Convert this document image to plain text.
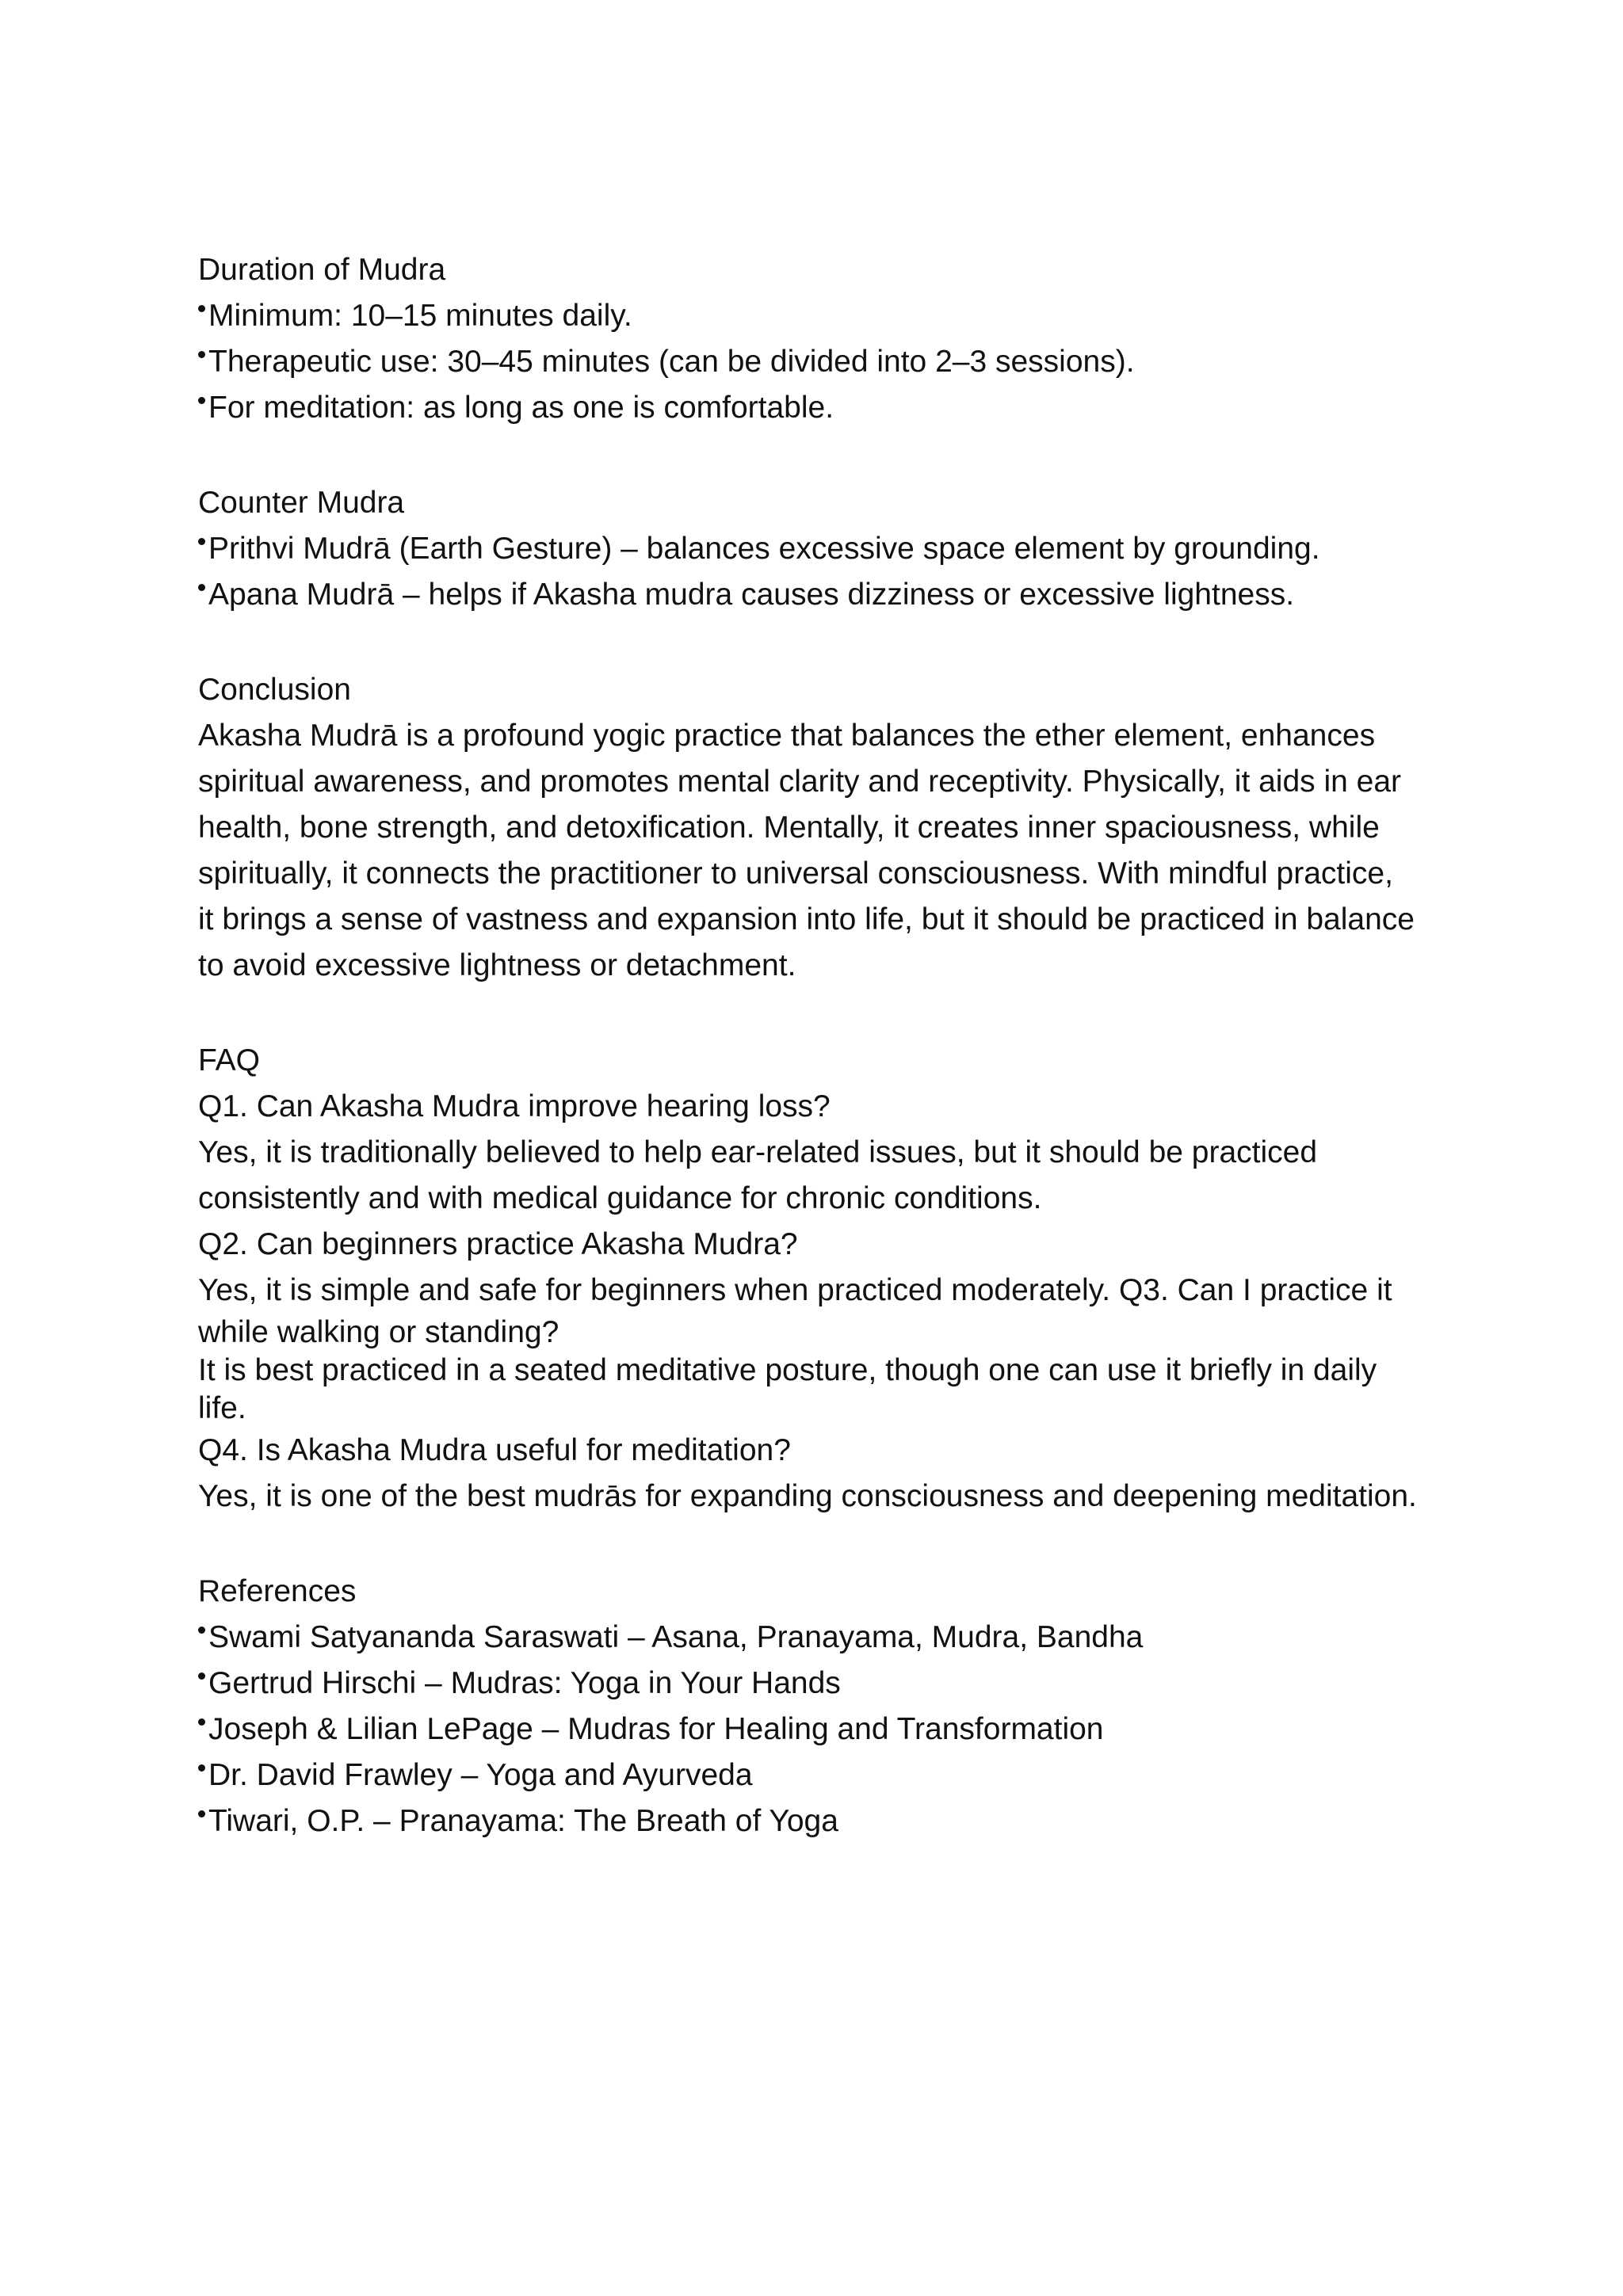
Duration of Mudra
Minimum: 10–15 minutes daily.
Therapeutic use: 30–45 minutes (can be divided into 2–3 sessions).
For meditation: as long as one is comfortable.
Counter Mudra
Prithvi Mudrā (Earth Gesture) – balances excessive space element by grounding.
Apana Mudrā – helps if Akasha mudra causes dizziness or excessive lightness.
Conclusion
Akasha Mudrā is a profound yogic practice that balances the ether element, enhances
spiritual awareness, and promotes mental clarity and receptivity. Physically, it aids in ear
health, bone strength, and detoxification. Mentally, it creates inner spaciousness, while
spiritually, it connects the practitioner to universal consciousness. With mindful practice,
it brings a sense of vastness and expansion into life, but it should be practiced in balance
to avoid excessive lightness or detachment.
FAQ
Q1. Can Akasha Mudra improve hearing loss?
Yes, it is traditionally believed to help ear-related issues, but it should be practiced
consistently and with medical guidance for chronic conditions.
Q2. Can beginners practice Akasha Mudra?
Yes, it is simple and safe for beginners when practiced moderately. Q3. Can I practice it
while walking or standing?
It is best practiced in a seated meditative posture, though one can use it briefly in daily
life.
Q4. Is Akasha Mudra useful for meditation?
Yes, it is one of the best mudrās for expanding consciousness and deepening meditation.
References
Swami Satyananda Saraswati – Asana, Pranayama, Mudra, Bandha
Gertrud Hirschi – Mudras: Yoga in Your Hands
Joseph & Lilian LePage – Mudras for Healing and Transformation
Dr. David Frawley – Yoga and Ayurveda
Tiwari, O.P. – Pranayama: The Breath of Yoga
